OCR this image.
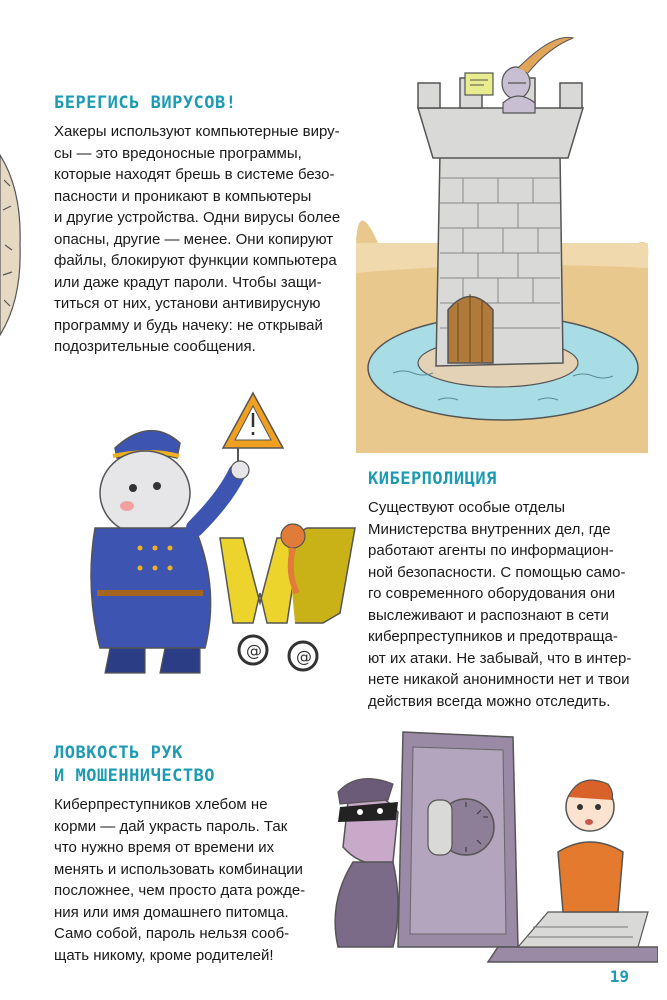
БЕРЕГИСЬ ВИРУСОВ!

Хакеры используют компьютерные виру-
сы — это вредоносные программы,
которые находят брешь в системе безо-
пасности и проникают в компьютеры
и другие устройства. Одни вирусы более
опасны, другие — менее. Они копируют
файлы, блокируют функции компьютера
или даже крадут пароли. Чтобы защи-
титься от них, установи антивирусную
программу и будь начеку: не открывай
подозрительные сообщения.

@ @
КИБЕРПОЛИЦИЯ

Существуют особые отделы
Министерства внутренних дел, где
работают агенты по информацион-
ной безопасности. С помощью само-
го современного оборудования они
выслеживают и распознают в сети
киберпреступников и предотвраща-
ют их атаки. Не забывай, что в интер-
нете никакой анонимности нет и твои
действия всегда можно отследить.

ЛОВКОСТЬ РУК
И МОШЕННИЧЕСТВО

Киберпреступников хлебом не
корми — дай украсть пароль. Так
что нужно время от времени их
менять и использовать комбинации
посложнее, чем просто дата рожде-
ния или имя домашнего питомца.
Само собой, пароль нельзя сооб-
щать никому, кроме родителей!

19
